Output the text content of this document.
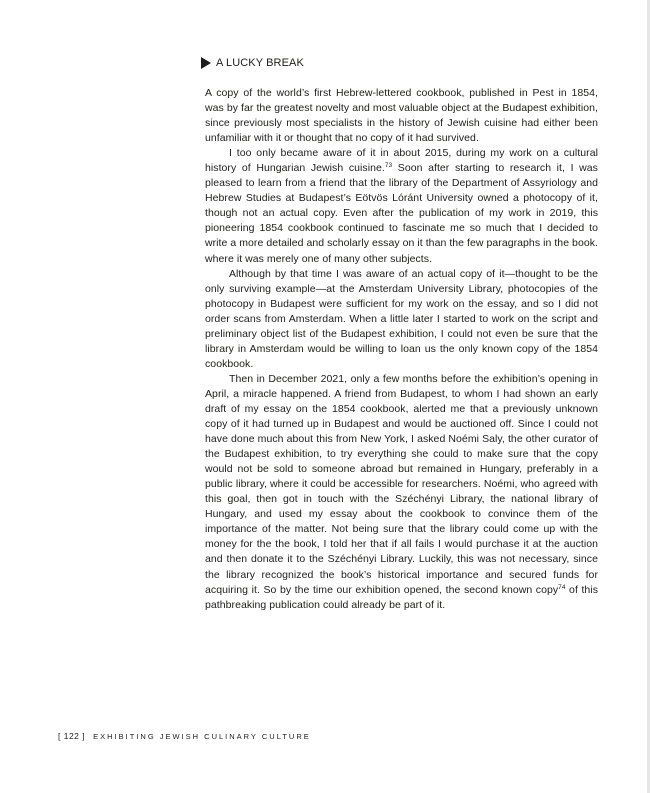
A LUCKY BREAK

A copy of the world’s first Hebrew-lettered cookbook, published in Pest in 1854, was by far the greatest novelty and most valuable object at the Budapest exhibition, since previously most specialists in the history of Jewish cuisine had either been unfamiliar with it or thought that no copy of it had survived.

I too only became aware of it in about 2015, during my work on a cultural history of Hungarian Jewish cuisine.$^{73}$ Soon after starting to research it, I was pleased to learn from a friend that the library of the Department of Assyriology and Hebrew Studies at Budapest’s Eötvös Lóránt University owned a photocopy of it, though not an actual copy. Even after the publication of my work in 2019, this pioneering 1854 cookbook continued to fascinate me so much that I decided to write a more detailed and scholarly essay on it than the few paragraphs in the book. where it was merely one of many other subjects.

Although by that time I was aware of an actual copy of it—thought to be the only surviving example—at the Amsterdam University Library, photocopies of the photocopy in Budapest were sufficient for my work on the essay, and so I did not order scans from Amsterdam. When a little later I started to work on the script and preliminary object list of the Budapest exhibition, I could not even be sure that the library in Amsterdam would be willing to loan us the only known copy of the 1854 cookbook.

Then in December 2021, only a few months before the exhibition’s opening in April, a miracle happened. A friend from Budapest, to whom I had shown an early draft of my essay on the 1854 cookbook, alerted me that a previously unknown copy of it had turned up in Budapest and would be auctioned off. Since I could not have done much about this from New York, I asked Noémi Saly, the other curator of the Budapest exhibition, to try everything she could to make sure that the copy would not be sold to someone abroad but remained in Hungary, preferably in a public library, where it could be accessible for researchers. Noémi, who agreed with this goal, then got in touch with the Széchényi Library, the national library of Hungary, and used my essay about the cookbook to convince them of the importance of the matter. Not being sure that the library could come up with the money for the the book, I told her that if all fails I would purchase it at the auction and then donate it to the Széchényi Library. Luckily, this was not necessary, since the library recognized the book’s historical importance and secured funds for acquiring it. So by the time our exhibition opened, the second known copy$^{74}$ of this pathbreaking publication could already be part of it.

[ 122 ] EXHIBITING JEWISH CULINARY CULTURE
